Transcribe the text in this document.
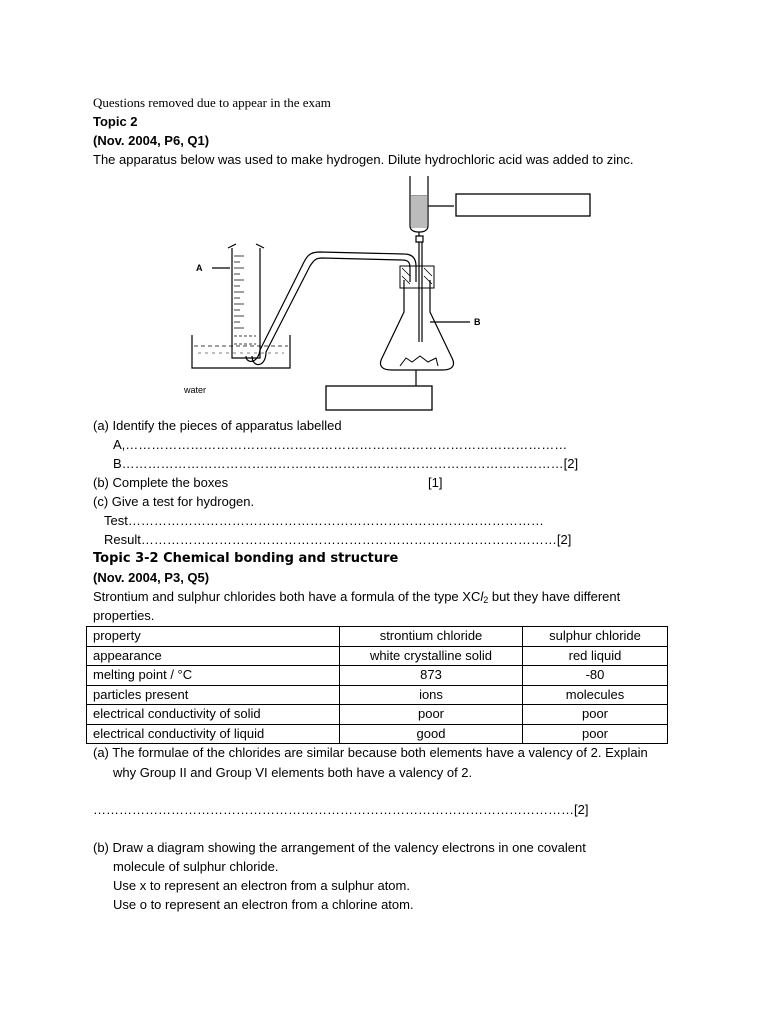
Questions removed due to appear in the exam
Topic 2
(Nov. 2004, P6, Q1)
The apparatus below was used to make hydrogen. Dilute hydrochloric acid was added to zinc.
A
B
water
(a) Identify the pieces of apparatus labelled
A,…………………………………………………………………………………………
B…………………………………………………………………………………………[2]
(b) Complete the boxes	[1]
(c) Give a test for hydrogen.
Test……………………………………………………………………………………
Result……………………………………………………………………………………[2]
Topic 3-2 Chemical bonding and structure
(Nov. 2004, P3, Q5)
Strontium and sulphur chlorides both have a formula of the type XCl$_2$ but they have different
properties.
property	strontium chloride	sulphur chloride
appearance	white crystalline solid	red liquid
melting point / °C	873	-80
particles present	ions	molecules
electrical conductivity of solid	poor	poor
electrical conductivity of liquid	good	poor
(a) The formulae of the chlorides are similar because both elements have a valency of 2. Explain
why Group II and Group VI elements both have a valency of 2.
…………………………………………………………………………………………………[2]
(b) Draw a diagram showing the arrangement of the valency electrons in one covalent
molecule of sulphur chloride.
Use x to represent an electron from a sulphur atom.
Use o to represent an electron from a chlorine atom.
